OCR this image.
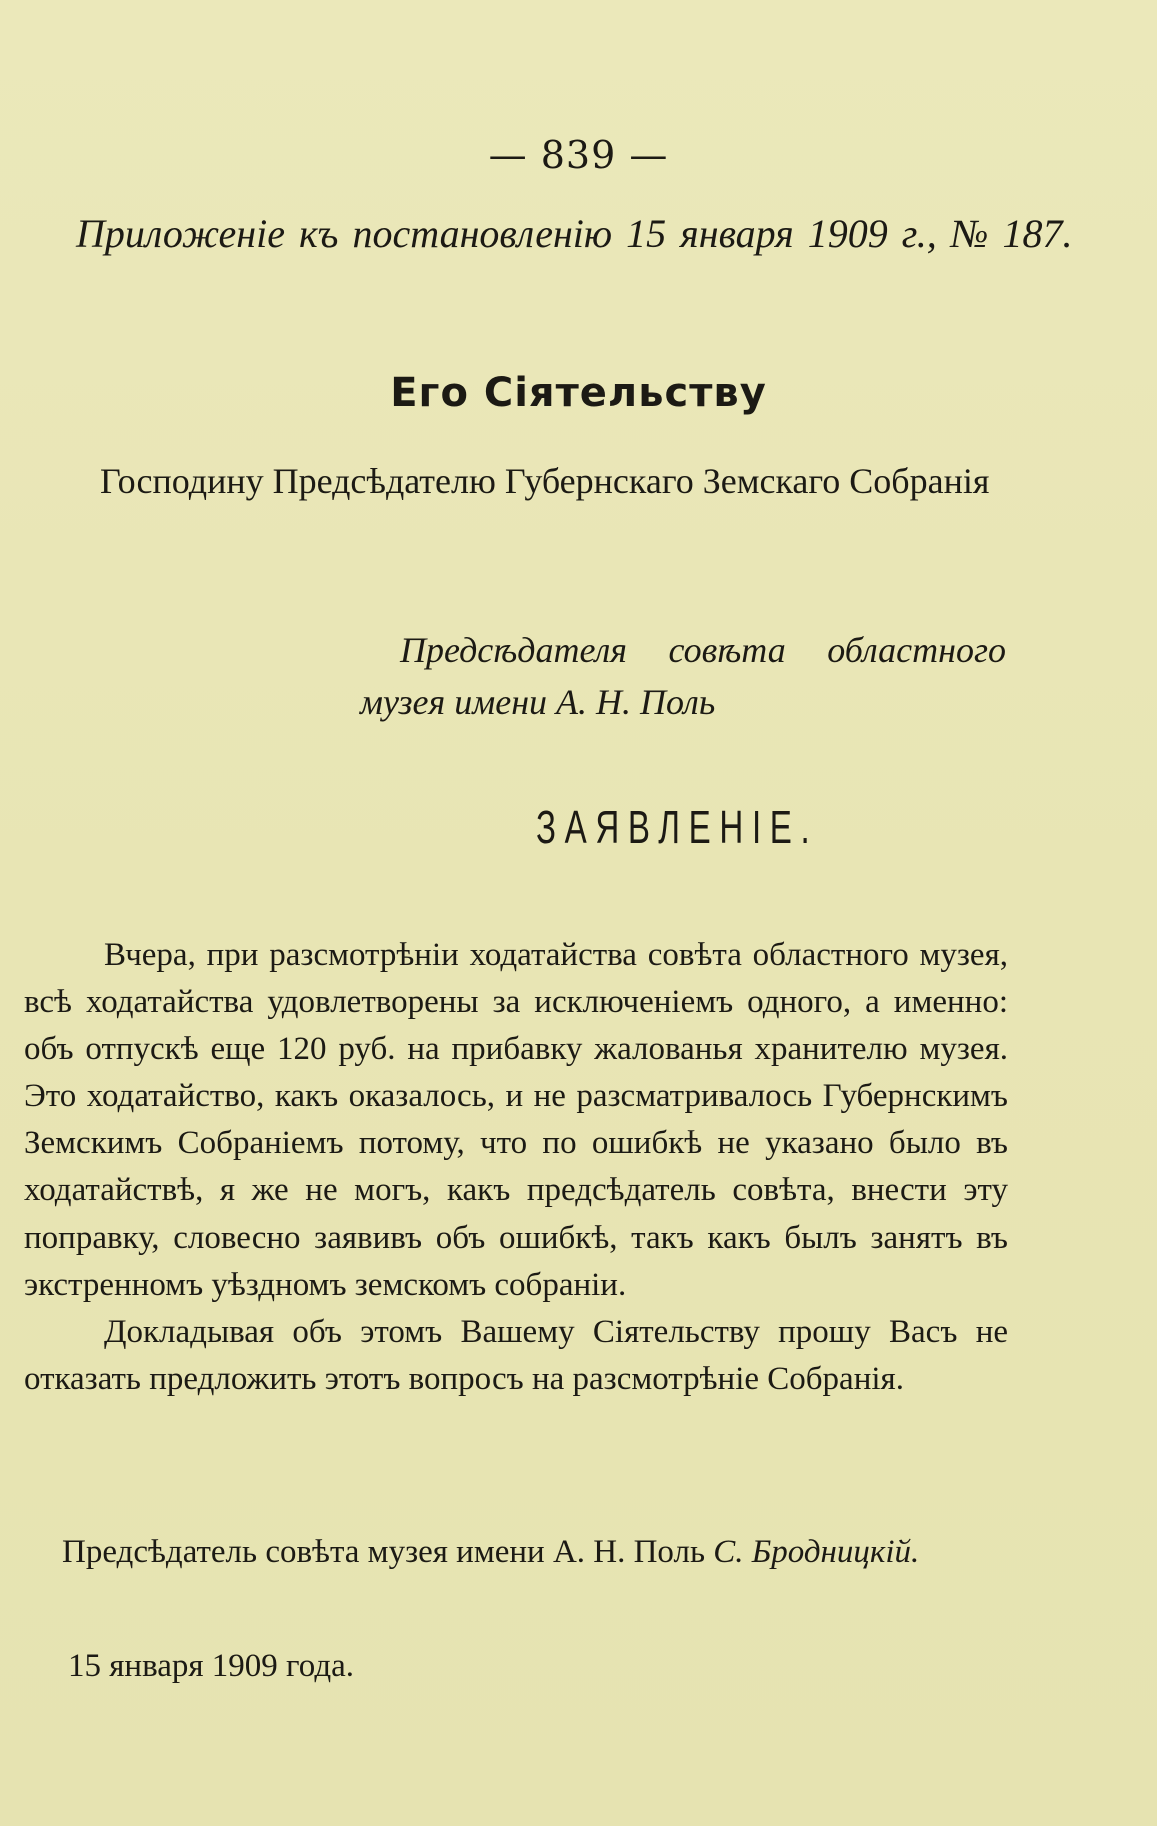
— 839 —
Приложенiе къ постановленiю 15 января 1909 г., № 187.
Его Сiятельству
Господину Предсѣдателю Губернскаго Земскаго Собранiя
Предсѣдателя совѣта областного
музея имени А. Н. Поль
ЗАЯВЛЕНIЕ.

Вчера, при разсмотрѣнiи ходатайства совѣта областного музея, всѣ ходатайства удовлетворены за исключенiемъ одного, а именно: объ отпускѣ еще 120 руб. на прибавку жалованья хранителю музея. Это ходатайство, какъ оказалось, и не разсматривалось Губернскимъ Земскимъ Собранiемъ потому, что по ошибкѣ не указано было въ ходатайствѣ, я же не могъ, какъ предсѣдатель совѣта, внести эту поправку, словесно заявивъ объ ошибкѣ, такъ какъ былъ занятъ въ экстренномъ уѣздномъ земскомъ собранiи.

Докладывая объ этомъ Вашему Сiятельству прошу Васъ не отказать предложить этотъ вопросъ на разсмотрѣнiе Собранiя.

Предсѣдатель совѣта музея имени А. Н. Поль С. Бродницкiй.
15 января 1909 года.
